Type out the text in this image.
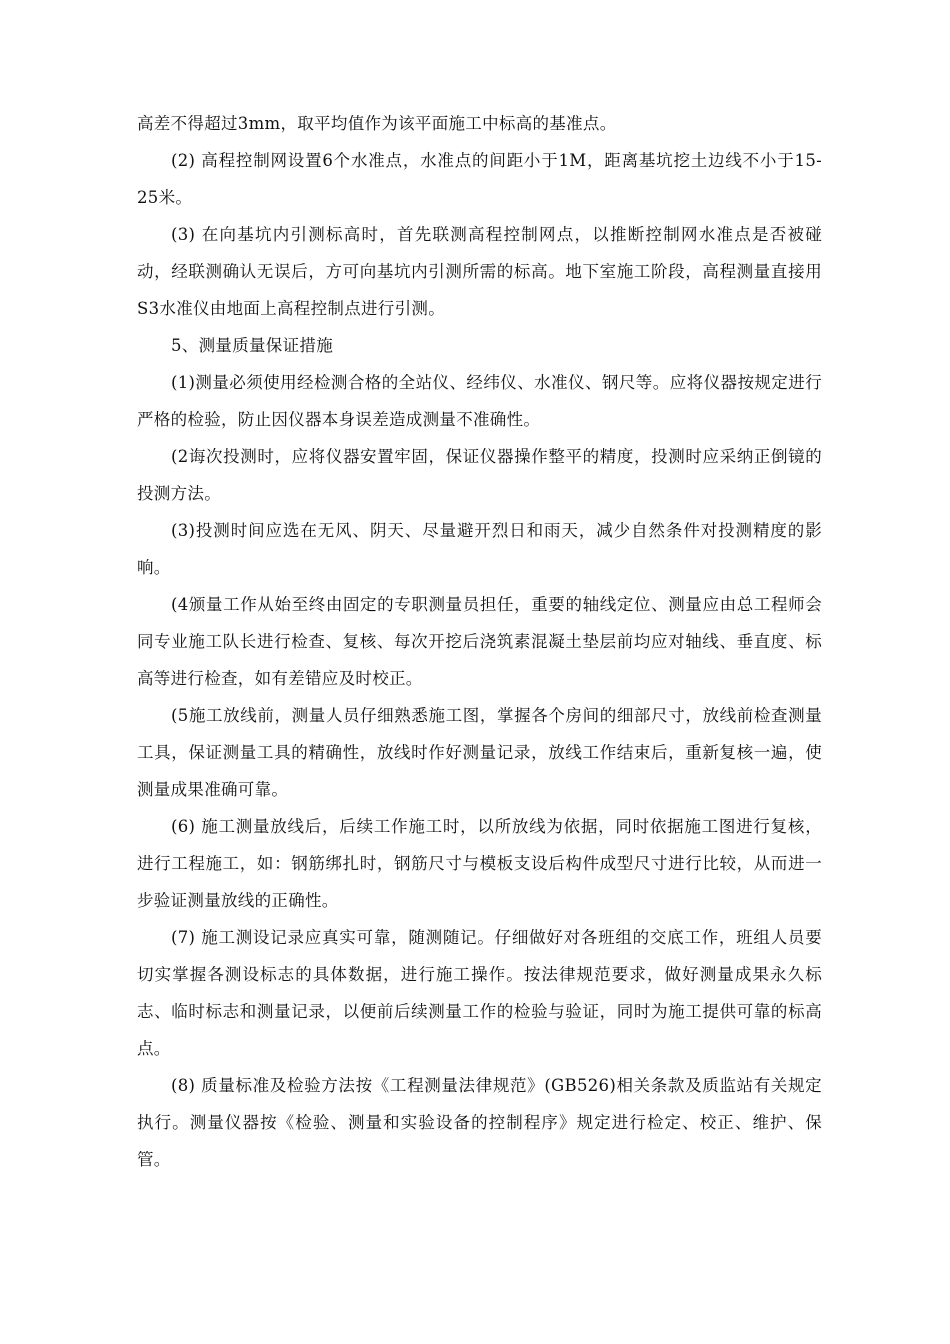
高差不得超过3mm，取平均值作为该平面施工中标高的基准点。

(2) 高程控制网设置6个水准点，水准点的间距小于1M，距离基坑挖土边线不小于15-25米。

(3) 在向基坑内引测标高时，首先联测高程控制网点，以推断控制网水准点是否被碰动，经联测确认无误后，方可向基坑内引测所需的标高。地下室施工阶段，高程测量直接用S3水准仪由地面上高程控制点进行引测。

5、测量质量保证措施

(1)测量必须使用经检测合格的全站仪、经纬仪、水准仪、钢尺等。应将仪器按规定进行严格的检验，防止因仪器本身误差造成测量不准确性。

(2诲次投测时，应将仪器安置牢固，保证仪器操作整平的精度，投测时应采纳正倒镜的投测方法。

(3)投测时间应选在无风、阴天、尽量避开烈日和雨天，减少自然条件对投测精度的影响。

(4颁量工作从始至终由固定的专职测量员担任，重要的轴线定位、测量应由总工程师会同专业施工队长进行检查、复核、每次开挖后浇筑素混凝土垫层前均应对轴线、垂直度、标高等进行检查，如有差错应及时校正。

(5施工放线前，测量人员仔细熟悉施工图，掌握各个房间的细部尺寸，放线前检查测量工具，保证测量工具的精确性，放线时作好测量记录，放线工作结束后，重新复核一遍，使测量成果准确可靠。

(6) 施工测量放线后，后续工作施工时，以所放线为依据，同时依据施工图进行复核，进行工程施工，如：钢筋绑扎时，钢筋尺寸与模板支设后构件成型尺寸进行比较，从而进一步验证测量放线的正确性。

(7) 施工测设记录应真实可靠，随测随记。仔细做好对各班组的交底工作，班组人员要切实掌握各测设标志的具体数据，进行施工操作。按法律规范要求，做好测量成果永久标志、临时标志和测量记录，以便前后续测量工作的检验与验证，同时为施工提供可靠的标高点。

(8) 质量标准及检验方法按《工程测量法律规范》(GB526)相关条款及质监站有关规定执行。测量仪器按《检验、测量和实验设备的控制程序》规定进行检定、校正、维护、保管。
